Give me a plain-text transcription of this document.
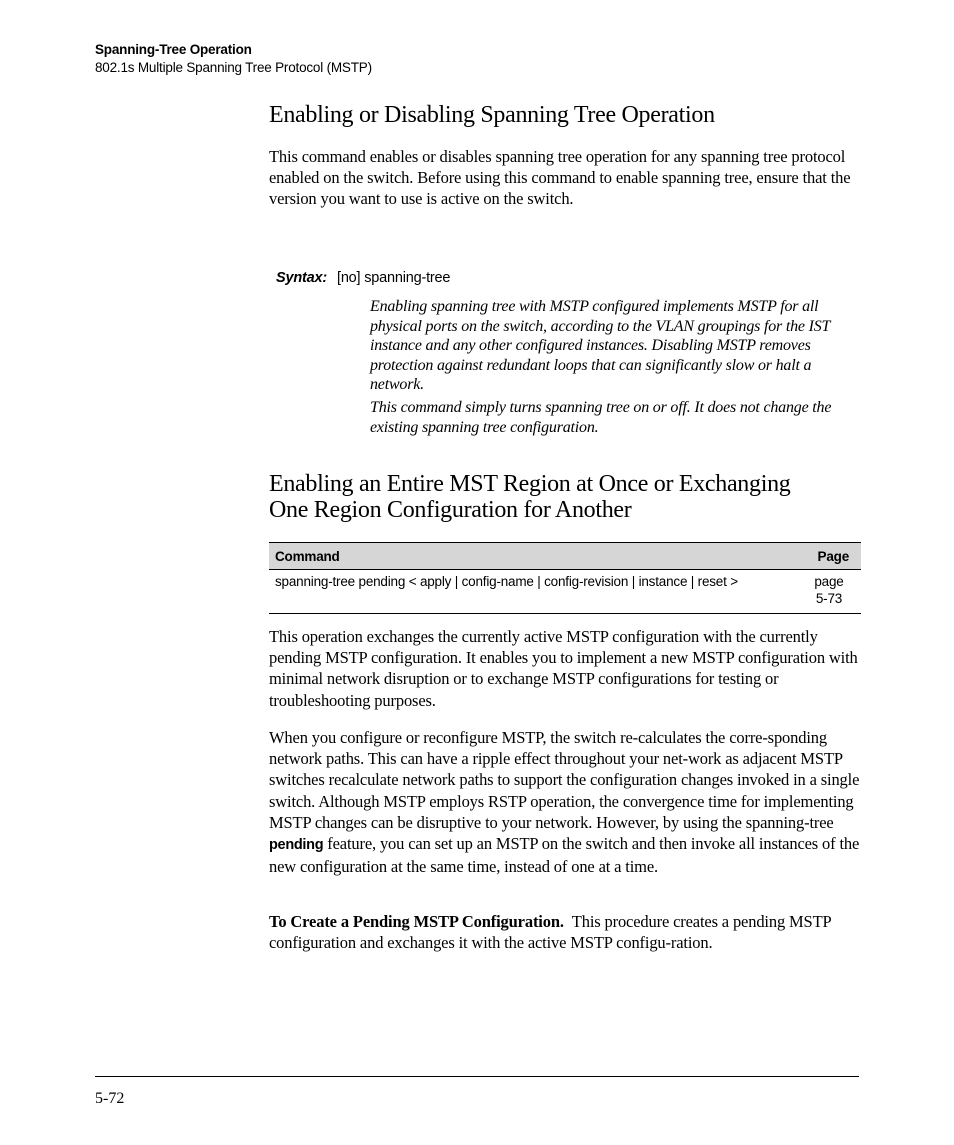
Spanning-Tree Operation
802.1s Multiple Spanning Tree Protocol (MSTP)
Enabling or Disabling Spanning Tree Operation

This command enables or disables spanning tree operation for any spanning tree protocol enabled on the switch. Before using this command to enable spanning tree, ensure that the version you want to use is active on the switch.

Syntax: [no] spanning-tree

Enabling spanning tree with MSTP configured implements MSTP for all physical ports on the switch, according to the VLAN groupings for the IST instance and any other configured instances. Disabling MSTP removes protection against redundant loops that can significantly slow or halt a network.

This command simply turns spanning tree on or off. It does not change the existing spanning tree configuration.

Enabling an Entire MST Region at Once or Exchanging
One Region Configuration for Another
Command	Page
spanning-tree pending < apply | config-name | config-revision | instance | reset >	page
5-73

This operation exchanges the currently active MSTP configuration with the currently pending MSTP configuration. It enables you to implement a new MSTP configuration with minimal network disruption or to exchange MSTP configurations for testing or troubleshooting purposes.

When you configure or reconfigure MSTP, the switch re-calculates the corre-sponding network paths. This can have a ripple effect throughout your net-work as adjacent MSTP switches recalculate network paths to support the configuration changes invoked in a single switch. Although MSTP employs RSTP operation, the convergence time for implementing MSTP changes can be disruptive to your network. However, by using the spanning-tree pending feature, you can set up an MSTP on the switch and then invoke all instances of the new configuration at the same time, instead of one at a time.

To Create a Pending MSTP Configuration. This procedure creates a pending MSTP configuration and exchanges it with the active MSTP configu-ration.

5-72
